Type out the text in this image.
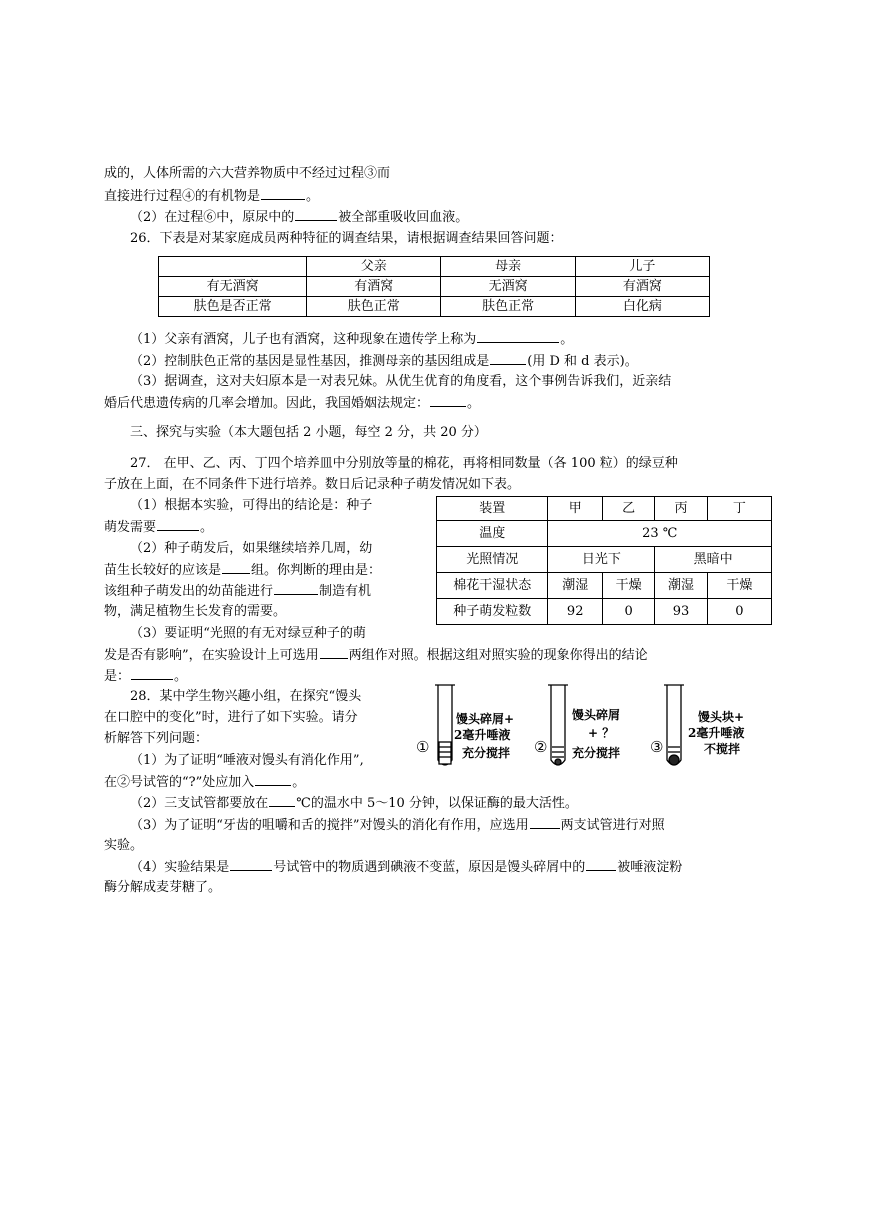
成的，人体所需的六大营养物质中不经过过程③而
直接进行过程④的有机物是	。
（2）在过程⑥中，原尿中的	被全部重吸收回血液。
26．下表是对某家庭成员两种特征的调查结果，请根据调查结果回答问题：
	父亲	母亲	儿子
有无酒窝	有酒窝	无酒窝	有酒窝
肤色是否正常	肤色正常	肤色正常	白化病
（1）父亲有酒窝，儿子也有酒窝，这种现象在遗传学上称为	。
（2）控制肤色正常的基因是显性基因，推测母亲的基因组成是	(用 D 和 d 表示)。
（3）据调查，这对夫妇原本是一对表兄妹。从优生优育的角度看，这个事例告诉我们，近亲结
婚后代患遗传病的几率会增加。因此，我国婚姻法规定：	。
三、探究与实验（本大题包括 2 小题，每空 2 分，共 20 分）
27． 在甲、乙、丙、丁四个培养皿中分别放等量的棉花，再将相同数量（各 100 粒）的绿豆种
子放在上面，在不同条件下进行培养。数日后记录种子萌发情况如下表。
（1）根据本实验，可得出的结论是：种子
萌发需要	。
（2）种子萌发后，如果继续培养几周，幼
苗生长较好的应该是 组。你判断的理由是：
该组种子萌发出的幼苗能进行	制造有机
物，满足植物生长发育的需要。
（3）要证明“光照的有无对绿豆种子的萌
发是否有影响”，在实验设计上可选用 两组作对照。根据这组对照实验的现象你得出的结论
是：	。
装置	甲	乙	丙	丁
温度	23 ℃			
光照情况	日光下		黑暗中	
棉花干湿状态	潮湿	干燥	潮湿	干燥
种子萌发粒数	92	0	93	0
28．某中学生物兴趣小组，在探究“馒头
在口腔中的变化”时，进行了如下实验。请分
析解答下列问题：
（1）为了证明“唾液对馒头有消化作用”,
在②号试管的“?”处应加入	。
（2）三支试管都要放在 ℃的温水中 5～10 分钟，以保证酶的最大活性。
（3）为了证明“牙齿的咀嚼和舌的搅拌”对馒头的消化有作用，应选用 两支试管进行对照
实验。
（4）实验结果是	号试管中的物质遇到碘液不变蓝，原因是馒头碎屑中的 被唾液淀粉
酶分解成麦芽糖了。
①
馒头碎屑+
2毫升唾液
充分搅拌 ②
馒头碎屑
+ ？
充分搅拌 ③
馒头块+
2毫升唾液
不搅拌
